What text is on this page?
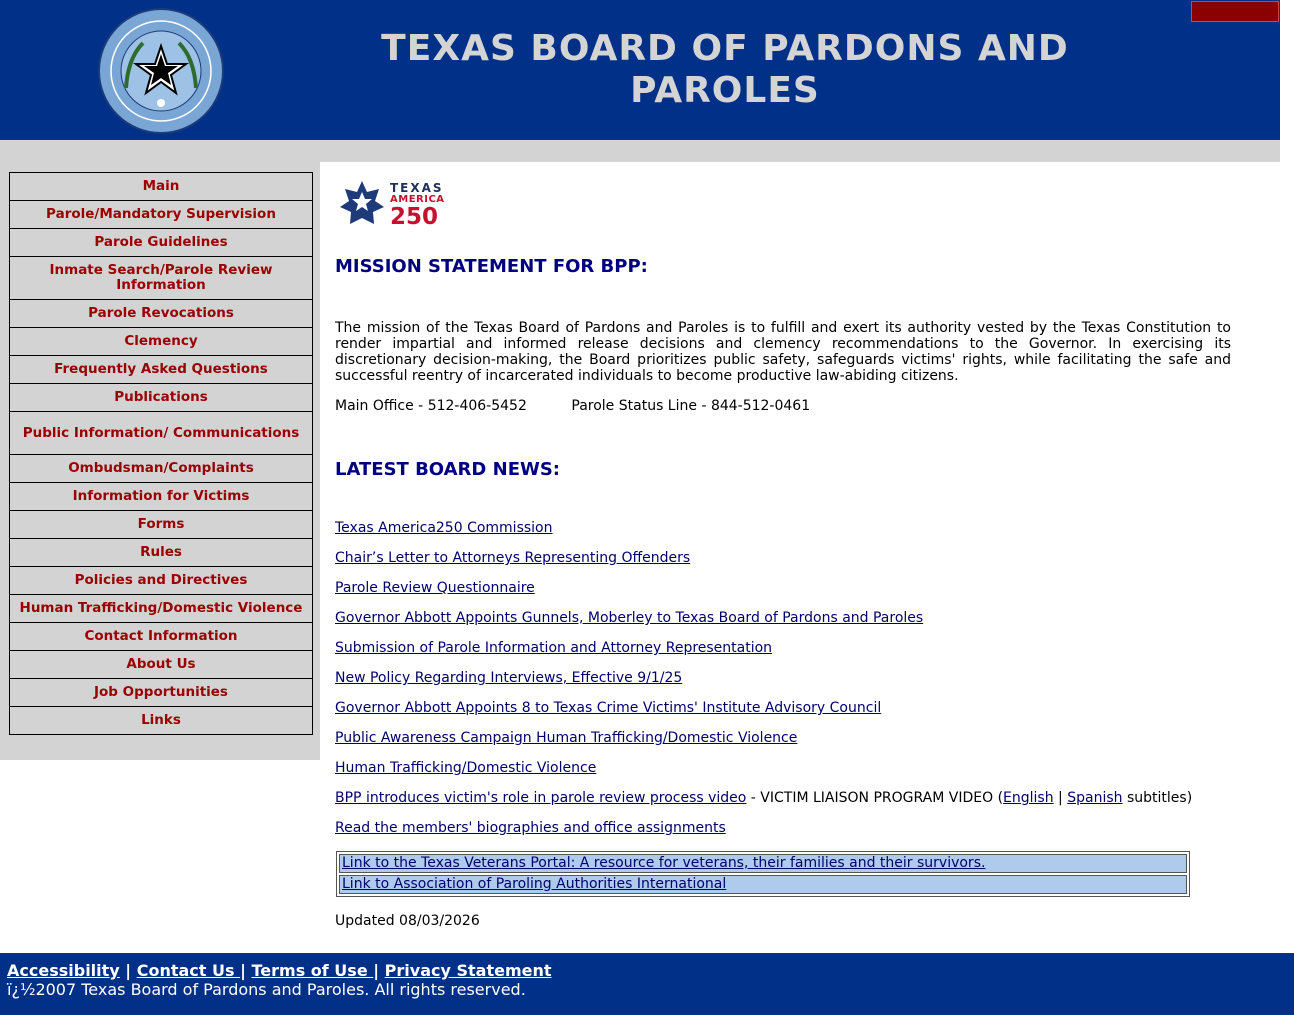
TEXAS BOARD OF PARDONS AND PAROLES
Main
Parole/Mandatory Supervision
Parole Guidelines
Inmate Search/Parole Review Information
Parole Revocations
Clemency
Frequently Asked Questions
Publications
Public Information/ Communications
Ombudsman/Complaints
Information for Victims
Forms
Rules
Policies and Directives
Human Trafficking/Domestic Violence
Contact Information
About Us
Job Opportunities
Links
TEXAS
AMERICA
250
MISSION STATEMENT FOR BPP:

The mission of the Texas Board of Pardons and Paroles is to fulfill and exert its authority vested by the Texas Constitution to render impartial and informed release decisions and clemency recommendations to the Governor. In exercising its discretionary decision-making, the Board prioritizes public safety, safeguards victims' rights, while facilitating the safe and successful reentry of incarcerated individuals to become productive law-abiding citizens.

Main Office - 512-406-5452	Parole Status Line - 844-512-0461
LATEST BOARD NEWS:
Texas America250 Commission
Chair’s Letter to Attorneys Representing Offenders
Parole Review Questionnaire
Governor Abbott Appoints Gunnels, Moberley to Texas Board of Pardons and Paroles
Submission of Parole Information and Attorney Representation
New Policy Regarding Interviews, Effective 9/1/25
Governor Abbott Appoints 8 to Texas Crime Victims' Institute Advisory Council
Public Awareness Campaign Human Trafficking/Domestic Violence
Human Trafficking/Domestic Violence
BPP introduces victim's role in parole review process video - VICTIM LIAISON PROGRAM VIDEO (English | Spanish subtitles)
Read the members' biographies and office assignments
Link to the Texas Veterans Portal: A resource for veterans, their families and their survivors.
Link to Association of Paroling Authorities International
Updated 08/03/2026
Accessibility | Contact Us | Terms of Use | Privacy Statement
ï¿½2007 Texas Board of Pardons and Paroles. All rights reserved.
